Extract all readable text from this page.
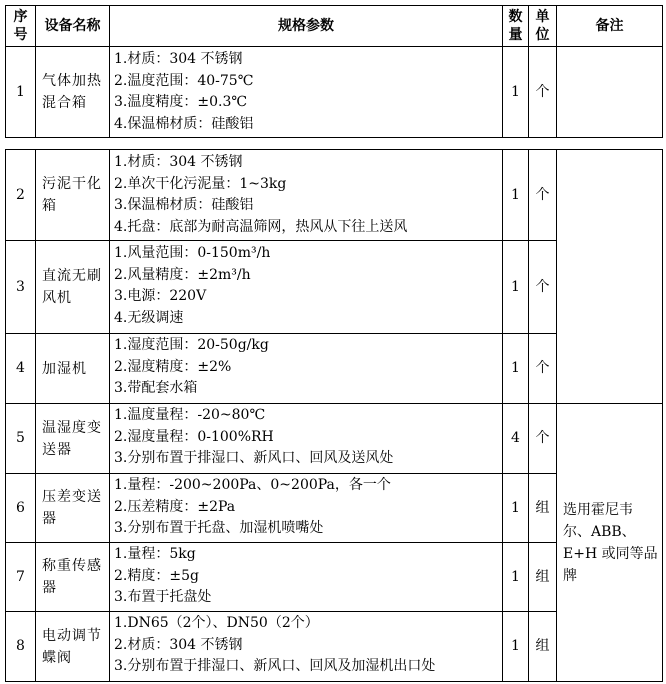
序号	设备名称	规格参数	数量	单位	备注
1	气体加热混合箱	1.材质：304 不锈钢
2.温度范围：40-75℃
3.温度精度：±0.3℃
4.保温棉材质：硅酸铝	1	个	
2	污泥干化箱	1.材质：304 不锈钢
2.单次干化污泥量：1~3kg
3.保温棉材质：硅酸铝
4.托盘：底部为耐高温筛网，热风从下往上送风	1	个	
3	直流无刷风机	1.风量范围：0-150m³/h
2.风量精度：±2m³/h
3.电源：220V
4.无级调速	1	个	
4	加湿机	1.湿度范围：20-50g/kg
2.湿度精度：±2%
3.带配套水箱	1	个	
5	温湿度变送器	1.温度量程：-20~80℃
2.湿度量程：0-100%RH
3.分别布置于排湿口、新风口、回风及送风处	4	个	选用霍尼韦尔、ABB、E+H 或同等品牌
6	压差变送器	1.量程：-200~200Pa、0~200Pa，各一个
2.压差精度：±2Pa
3.分别布置于托盘、加湿机喷嘴处	1	组	
7	称重传感器	1.量程：5kg
2.精度：±5g
3.布置于托盘处	1	组	
8	电动调节蝶阀	1.DN65（2个）、DN50（2个）
2.材质：304 不锈钢
3.分别布置于排湿口、新风口、回风及加湿机出口处	1	组	
